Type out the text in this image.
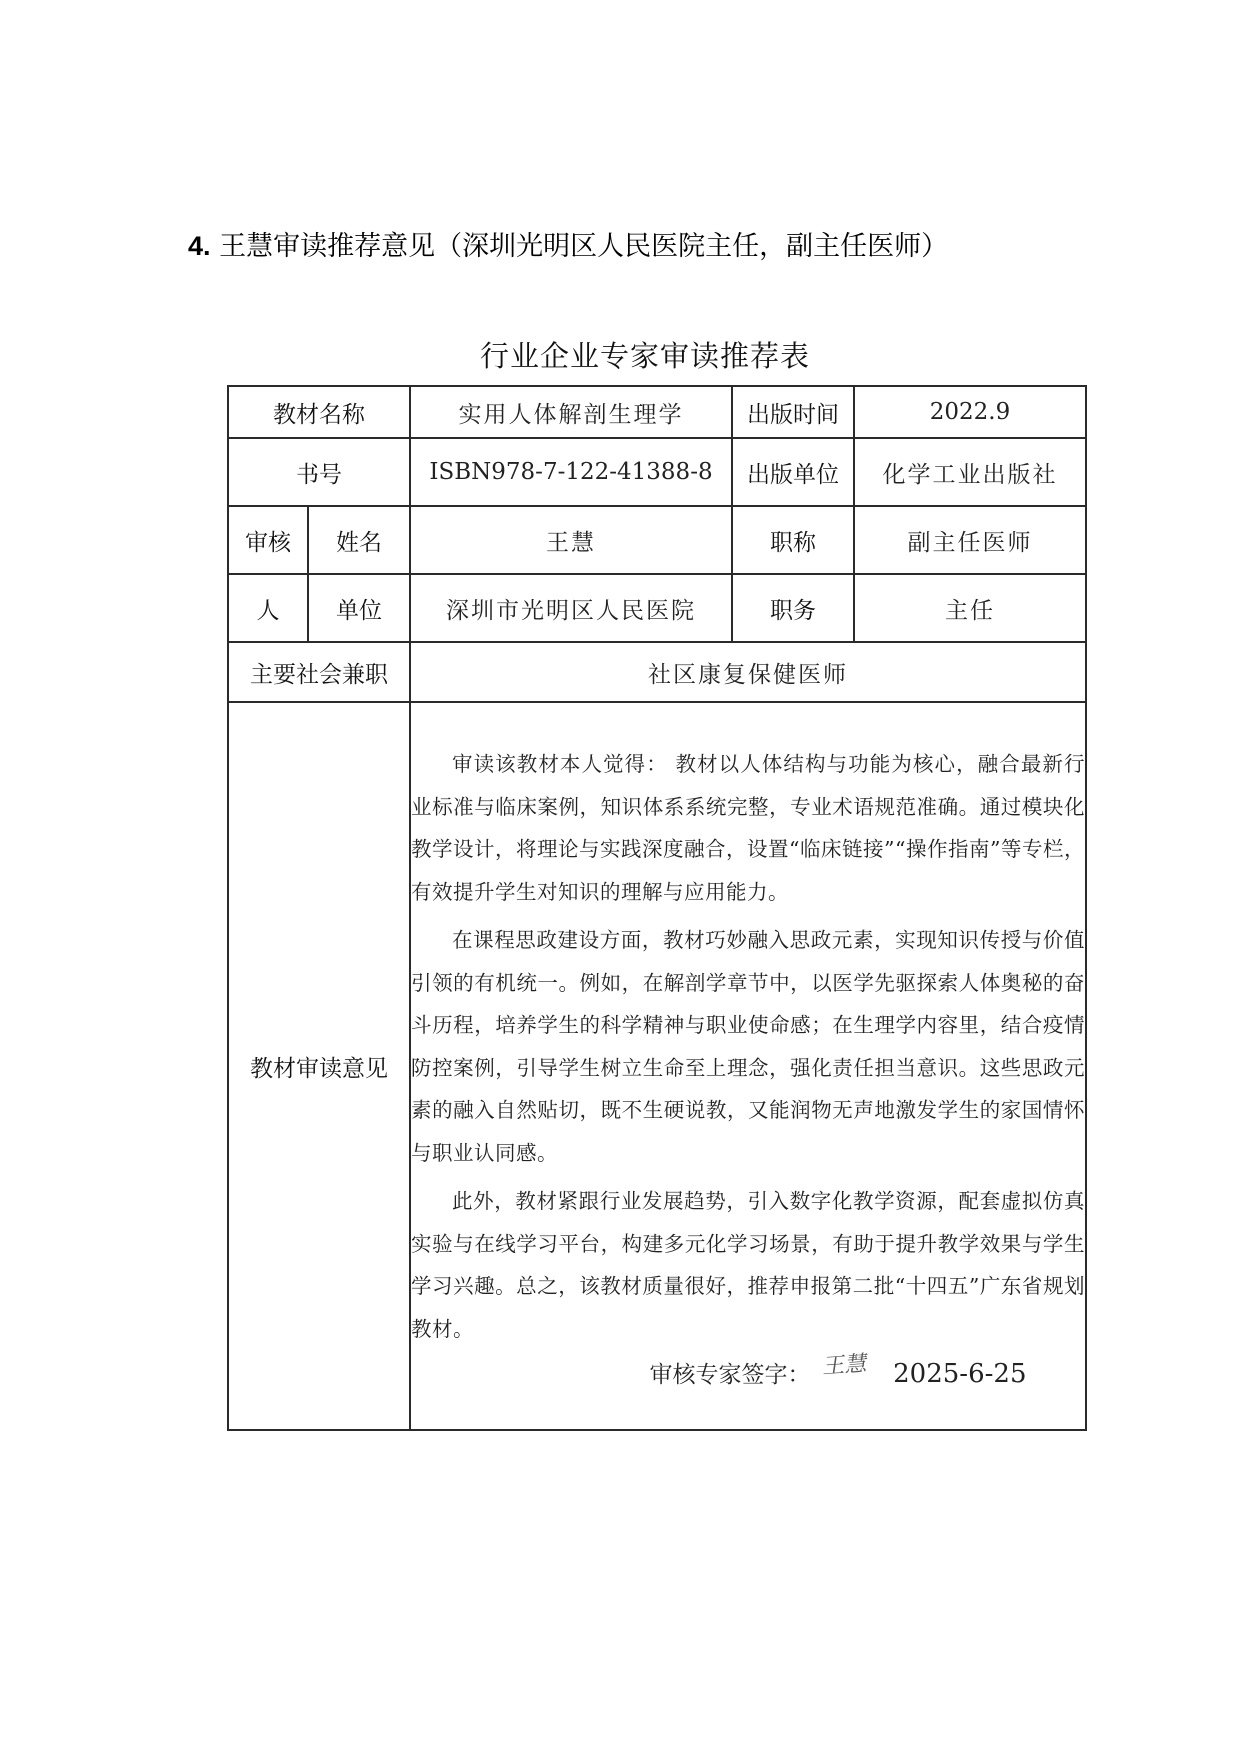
4. 王慧审读推荐意见（深圳光明区人民医院主任，副主任医师）
行业企业专家审读推荐表
教材名称		实用人体解剖生理学	出版时间	2022.9
书号		ISBN978-7-122-41388-8	出版单位	化学工业出版社
审核	姓名	王慧	职称	副主任医师
人	单位	深圳市光明区人民医院	职务	主任
主要社会兼职		社区康复保健医师		
教材审读意见		审读该教材本人觉得： 教材以人体结构与功能为核心，融合最新行业标准与临床案例，知识体系系统完整，专业术语规范准确。通过模块化教学设计，将理论与实践深度融合，设置“临床链接”“操作指南”等专栏，有效提升学生对知识的理解与应用能力。

在课程思政建设方面，教材巧妙融入思政元素，实现知识传授与价值引领的有机统一。例如，在解剖学章节中，以医学先驱探索人体奥秘的奋斗历程，培养学生的科学精神与职业使命感；在生理学内容里，结合疫情防控案例，引导学生树立生命至上理念，强化责任担当意识。这些思政元素的融入自然贴切，既不生硬说教，又能润物无声地激发学生的家国情怀与职业认同感。

此外，教材紧跟行业发展趋势，引入数字化教学资源，配套虚拟仿真实验与在线学习平台，构建多元化学习场景，有助于提升教学效果与学生学习兴趣。总之，该教材质量很好，推荐申报第二批“十四五”广东省规划教材。

审核专家签字： 王慧 2025-6-25		
